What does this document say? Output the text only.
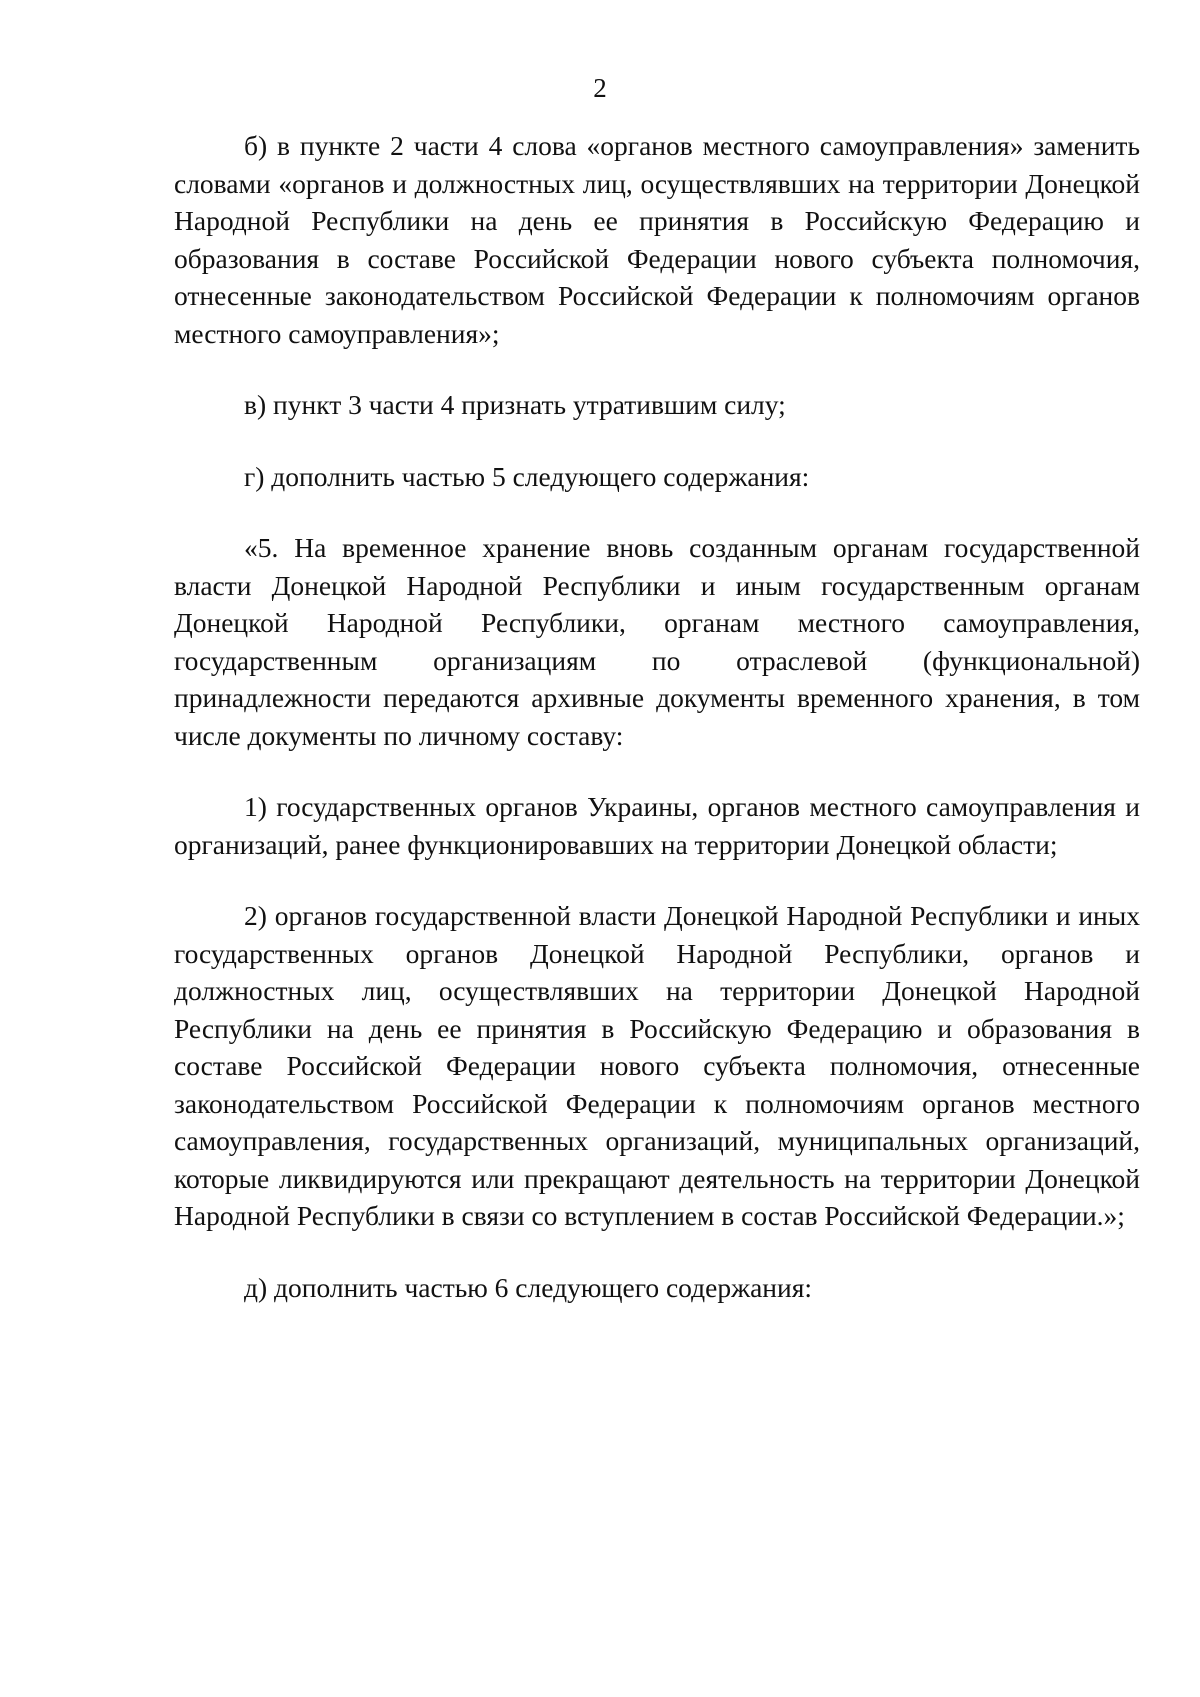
2

б) в пункте 2 части 4 слова «органов местного самоуправления» заменить словами «органов и должностных лиц, осуществлявших на территории Донецкой Народной Республики на день ее принятия в Российскую Федерацию и образования в составе Российской Федерации нового субъекта полномочия, отнесенные законодательством Российской Федерации к полномочиям органов местного самоуправления»;

в) пункт 3 части 4 признать утратившим силу;

г) дополнить частью 5 следующего содержания:

«5. На временное хранение вновь созданным органам государственной власти Донецкой Народной Республики и иным государственным органам Донецкой Народной Республики, органам местного самоуправления, государственным организациям по отраслевой (функциональной) принадлежности передаются архивные документы временного хранения, в том числе документы по личному составу:

1) государственных органов Украины, органов местного самоуправления и организаций, ранее функционировавших на территории Донецкой области;

2) органов государственной власти Донецкой Народной Республики и иных государственных органов Донецкой Народной Республики, органов и должностных лиц, осуществлявших на территории Донецкой Народной Республики на день ее принятия в Российскую Федерацию и образования в составе Российской Федерации нового субъекта полномочия, отнесенные законодательством Российской Федерации к полномочиям органов местного самоуправления, государственных организаций, муниципальных организаций, которые ликвидируются или прекращают деятельность на территории Донецкой Народной Республики в связи со вступлением в состав Российской Федерации.»;

д) дополнить частью 6 следующего содержания:
